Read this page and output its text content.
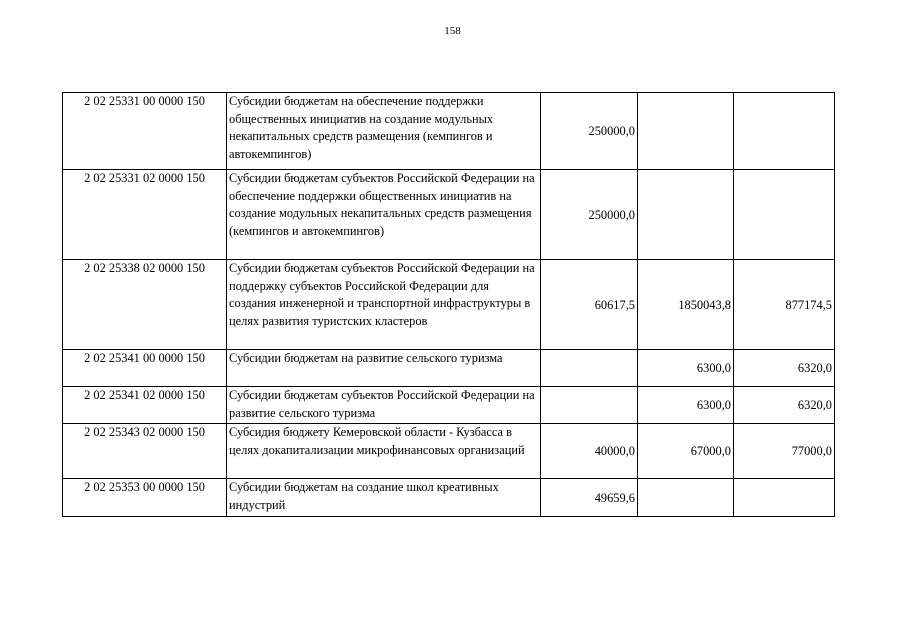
158
2 02 25331 00 0000 150	Субсидии бюджетам на обеспечение поддержки общественных инициатив на создание модульных некапитальных средств размещения (кемпингов и автокемпингов)	250000,0		
2 02 25331 02 0000 150	Субсидии бюджетам субъектов Российской Федерации на обеспечение поддержки общественных инициатив на создание модульных некапитальных средств размещения (кемпингов и автокемпингов)	250000,0		
2 02 25338 02 0000 150	Субсидии бюджетам субъектов Российской Федерации на поддержку субъектов Российской Федерации для создания инженерной и транспортной инфраструктуры в целях развития туристских кластеров	60617,5	1850043,8	877174,5
2 02 25341 00 0000 150	Субсидии бюджетам на развитие сельского туризма		6300,0	6320,0
2 02 25341 02 0000 150	Субсидии бюджетам субъектов Российской Федерации на развитие сельского туризма		6300,0	6320,0
2 02 25343 02 0000 150	Субсидия бюджету Кемеровской области - Кузбасса в целях докапитализации микрофинансовых организаций	40000,0	67000,0	77000,0
2 02 25353 00 0000 150	Субсидии бюджетам на создание школ креативных индустрий	49659,6		
